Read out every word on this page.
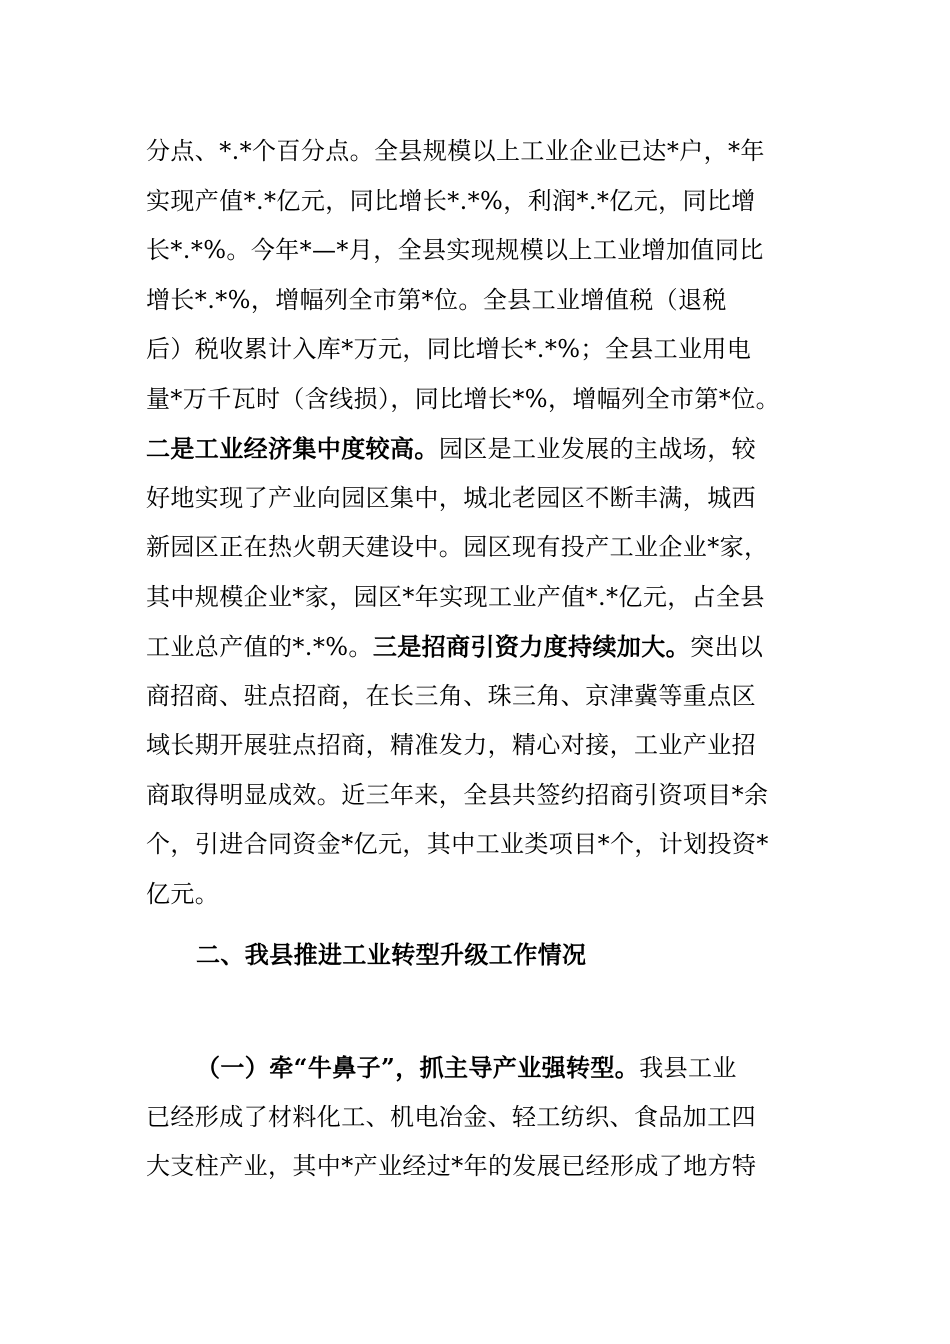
分点、*.*个百分点。全县规模以上工业企业已达*户，*年
实现产值*.*亿元，同比增长*.*%，利润*.*亿元，同比增
长*.*%。今年*—*月，全县实现规模以上工业增加值同比
增长*.*%，增幅列全市第*位。全县工业增值税（退税
后）税收累计入库*万元，同比增长*.*%；全县工业用电
量*万千瓦时（含线损），同比增长*%，增幅列全市第*位。
二是工业经济集中度较高。园区是工业发展的主战场，较
好地实现了产业向园区集中，城北老园区不断丰满，城西
新园区正在热火朝天建设中。园区现有投产工业企业*家，
其中规模企业*家，园区*年实现工业产值*.*亿元，占全县
工业总产值的*.*%。三是招商引资力度持续加大。突出以
商招商、驻点招商，在长三角、珠三角、京津冀等重点区
域长期开展驻点招商，精准发力，精心对接，工业产业招
商取得明显成效。近三年来，全县共签约招商引资项目*余
个，引进合同资金*亿元，其中工业类项目*个，计划投资*
亿元。
二、我县推进工业转型升级工作情况
（一）牵“牛鼻子”，抓主导产业强转型。我县工业
已经形成了材料化工、机电冶金、轻工纺织、食品加工四
大支柱产业，其中*产业经过*年的发展已经形成了地方特
